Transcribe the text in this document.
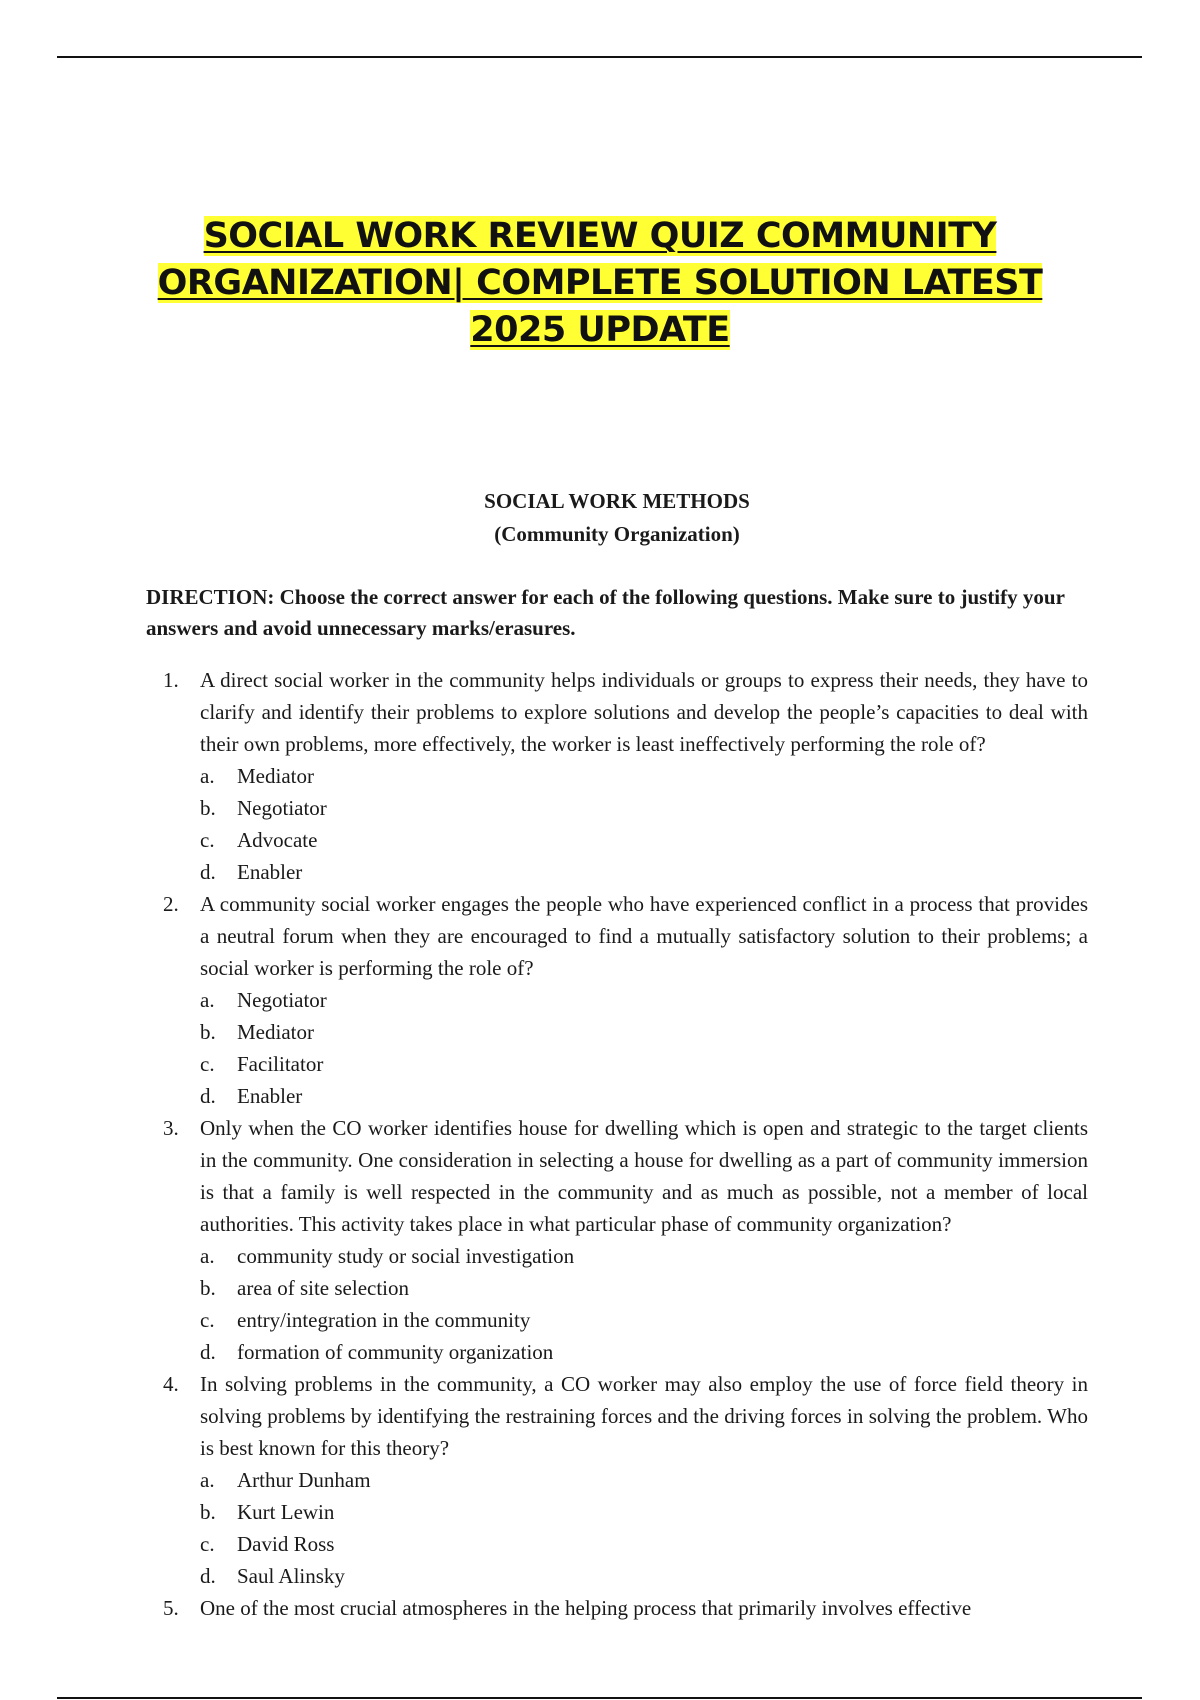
SOCIAL WORK REVIEW QUIZ COMMUNITY
ORGANIZATION| COMPLETE SOLUTION LATEST
2025 UPDATE
SOCIAL WORK METHODS
(Community Organization)

DIRECTION: Choose the correct answer for each of the following questions. Make sure to justify your answers and avoid unnecessary marks/erasures.

1. A direct social worker in the community helps individuals or groups to express their needs, they have to clarify and identify their problems to explore solutions and develop the people’s capacities to deal with their own problems, more effectively, the worker is least ineffectively performing the role of?

a. Mediator
b. Negotiator
c. Advocate
d. Enabler
2. A community social worker engages the people who have experienced conflict in a process that provides a neutral forum when they are encouraged to find a mutually satisfactory solution to their problems; a social worker is performing the role of?

a. Negotiator
b. Mediator
c. Facilitator
d. Enabler
3. Only when the CO worker identifies house for dwelling which is open and strategic to the target clients in the community. One consideration in selecting a house for dwelling as a part of community immersion is that a family is well respected in the community and as much as possible, not a member of local authorities. This activity takes place in what particular phase of community organization?

a. community study or social investigation
b. area of site selection
c. entry/integration in the community
d. formation of community organization
4. In solving problems in the community, a CO worker may also employ the use of force field theory in solving problems by identifying the restraining forces and the driving forces in solving the problem. Who is best known for this theory?

a. Arthur Dunham
b. Kurt Lewin
c. David Ross
d. Saul Alinsky
5. One of the most crucial atmospheres in the helping process that primarily involves effective
